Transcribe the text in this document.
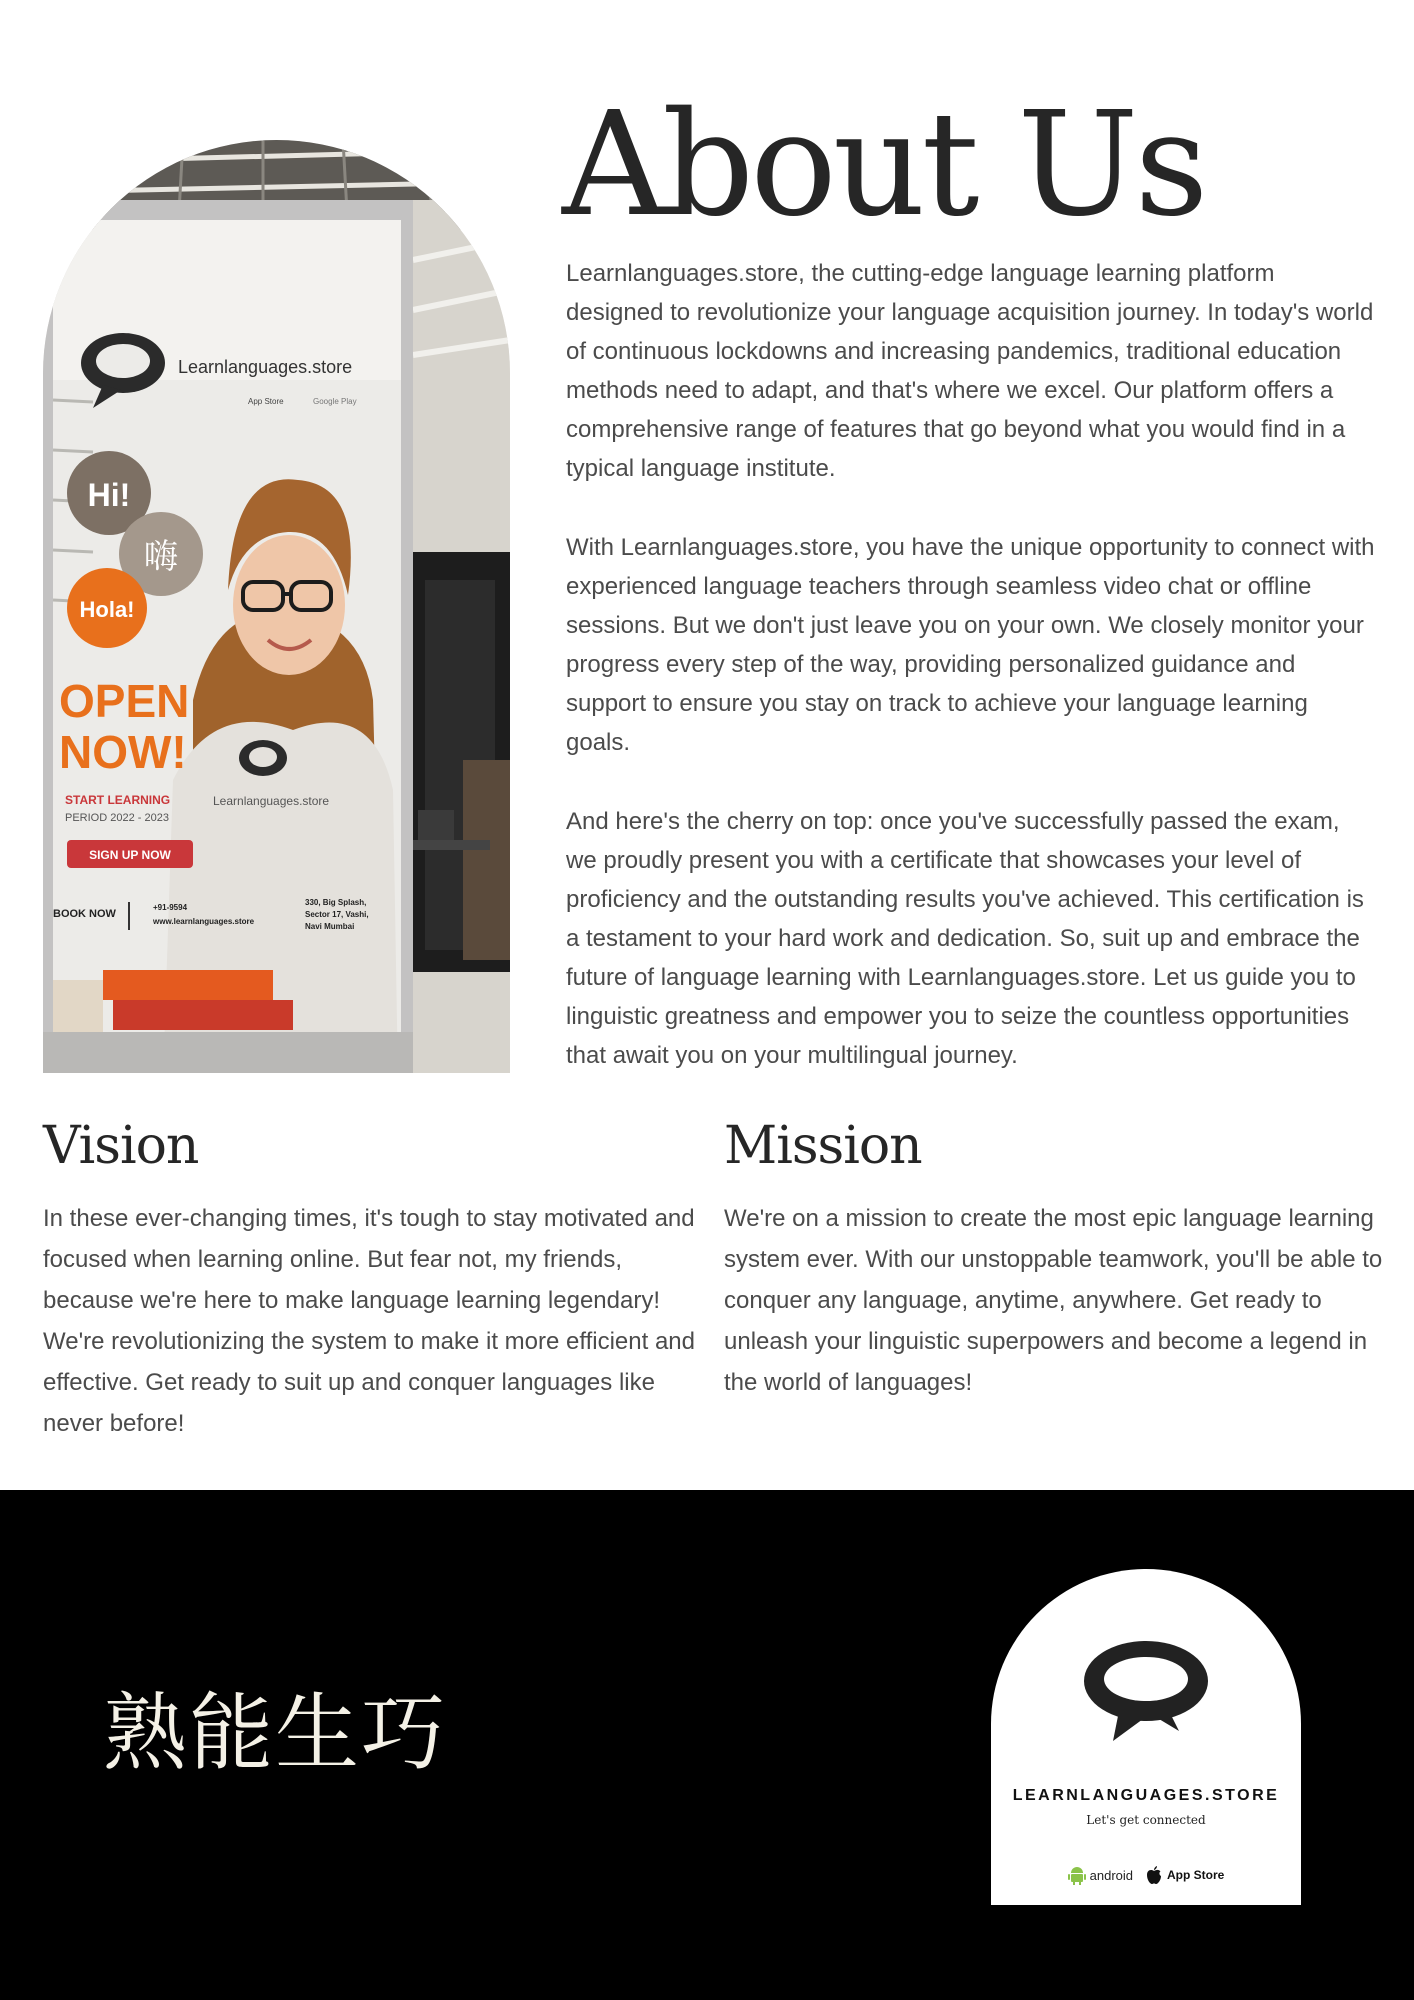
Learnlanguages.store
App Store	Google Play
Learnlanguages.store
Hi!
嗨
Hola!
OPEN
NOW!
START LEARNING
PERIOD 2022 - 2023
SIGN UP NOW
BOOK NOW
+91-9594
www.learnlanguages.store
330, Big Splash,
Sector 17, Vashi,
Navi Mumbai
About Us

Learnlanguages.store, the cutting-edge language learning platform designed to revolutionize your language acquisition journey. In today's world of continuous lockdowns and increasing pandemics, traditional education methods need to adapt, and that's where we excel. Our platform offers a comprehensive range of features that go beyond what you would find in a typical language institute.

With Learnlanguages.store, you have the unique opportunity to connect with experienced language teachers through seamless video chat or offline sessions. But we don't just leave you on your own. We closely monitor your progress every step of the way, providing personalized guidance and support to ensure you stay on track to achieve your language learning goals.

And here's the cherry on top: once you've successfully passed the exam, we proudly present you with a certificate that showcases your level of proficiency and the outstanding results you've achieved. This certification is a testament to your hard work and dedication. So, suit up and embrace the future of language learning with Learnlanguages.store. Let us guide you to linguistic greatness and empower you to seize the countless opportunities that await you on your multilingual journey.

Vision

In these ever-changing times, it's tough to stay motivated and focused when learning online. But fear not, my friends, because we're here to make language learning legendary! We're revolutionizing the system to make it more efficient and effective. Get ready to suit up and conquer languages like never before!

Mission

We're on a mission to create the most epic language learning system ever. With our unstoppable teamwork, you'll be able to conquer any language, anytime, anywhere. Get ready to unleash your linguistic superpowers and become a legend in the world of languages!

熟能生巧
LEARNLANGUAGES.STORE
Let's get connected
android	App Store
